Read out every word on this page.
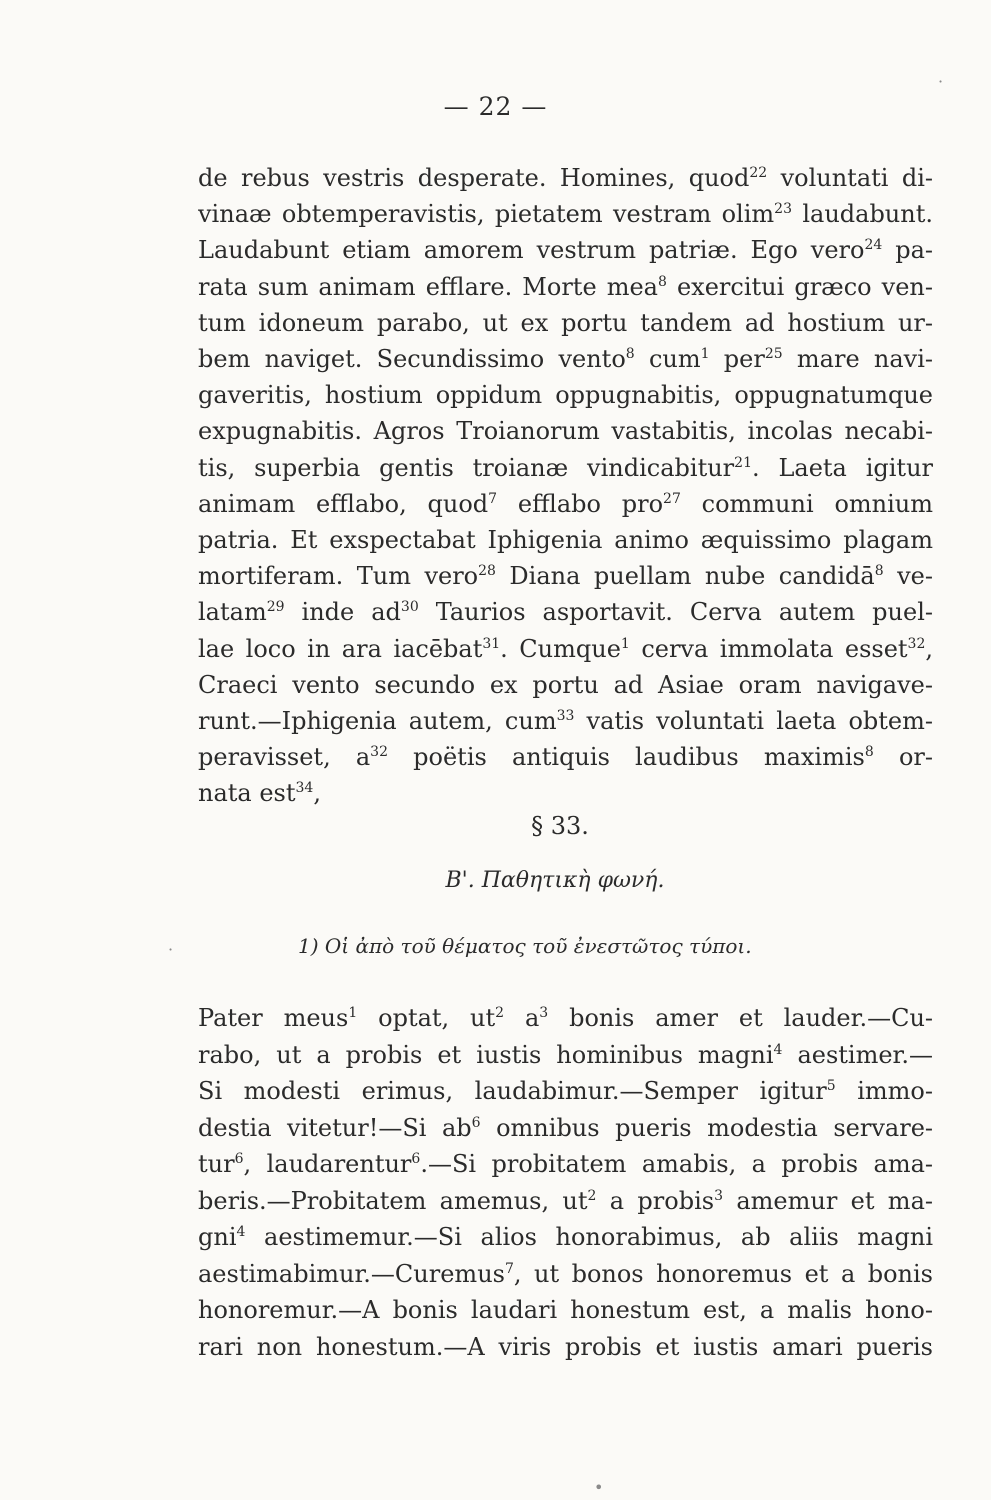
— 22 —
de rebus vestris desperate. Homines, quod$^{22}$ voluntati di-
vinaæ obtemperavistis, pietatem vestram olim$^{23}$ laudabunt.
Laudabunt etiam amorem vestrum patriæ. Ego vero$^{24}$ pa-
rata sum animam efflare. Morte mea$^8$ exercitui græco ven-
tum idoneum parabo, ut ex portu tandem ad hostium ur-
bem naviget. Secundissimo vento$^8$ cum$^1$ per$^{25}$ mare navi-
gaveritis, hostium oppidum oppugnabitis, oppugnatumque
expugnabitis. Agros Troianorum vastabitis, incolas necabi-
tis, superbia gentis troianæ vindicabitur$^{21}$. Laeta igitur
animam efflabo, quod$^7$ efflabo pro$^{27}$ communi omnium
patria. Et exspectabat Iphigenia animo æquissimo plagam
mortiferam. Tum vero$^{28}$ Diana puellam nube candidā$^8$ ve-
latam$^{29}$ inde $ad^{30}$ Taurios asportavit. Cerva autem puel-
lae loco in ara iacēbat$^{31}$. Cumque$^1$ cerva immolata esset$^{32}$,
Craeci vento secundo ex portu ad Asiae oram navigave-
runt.—Iphigenia autem, cum$^{33}$ vatis voluntati laeta obtem-
peravisset, $a^{32}$ poëtis antiquis laudibus maximis$^8$ or-
nata est$^{34}$,
§ 33.
B'. Παθητικὴ φωνή.
1) Οἱ ἀπὸ τοῦ θέματος τοῦ ἐνεστῶτος τύποι.
Pater meus$^1$ optat, $ut^2$ $a^3$ bonis amer et lauder.—Cu-
rabo, ut a probis et iustis hominibus magni$^4$ aestimer.—
Si modesti erimus, laudabimur.—Semper igitur$^5$ immo-
destia vitetur!—Si $ab^6$ omnibus pueris modestia servare-
tur$^6$, laudarentur$^6$.—Si probitatem amabis, a probis ama-
beris.—Probitatem amemus, $ut^2$ a probis$^3$ amemur et ma-
gni$^4$ aestimemur.—Si alios honorabimus, ab aliis magni
aestimabimur.—Curemus$^7$, ut bonos honoremus et a bonis
honoremur.—A bonis laudari honestum est, a malis hono-
rari non honestum.—A viris probis et iustis amari pueris
·
•
·
